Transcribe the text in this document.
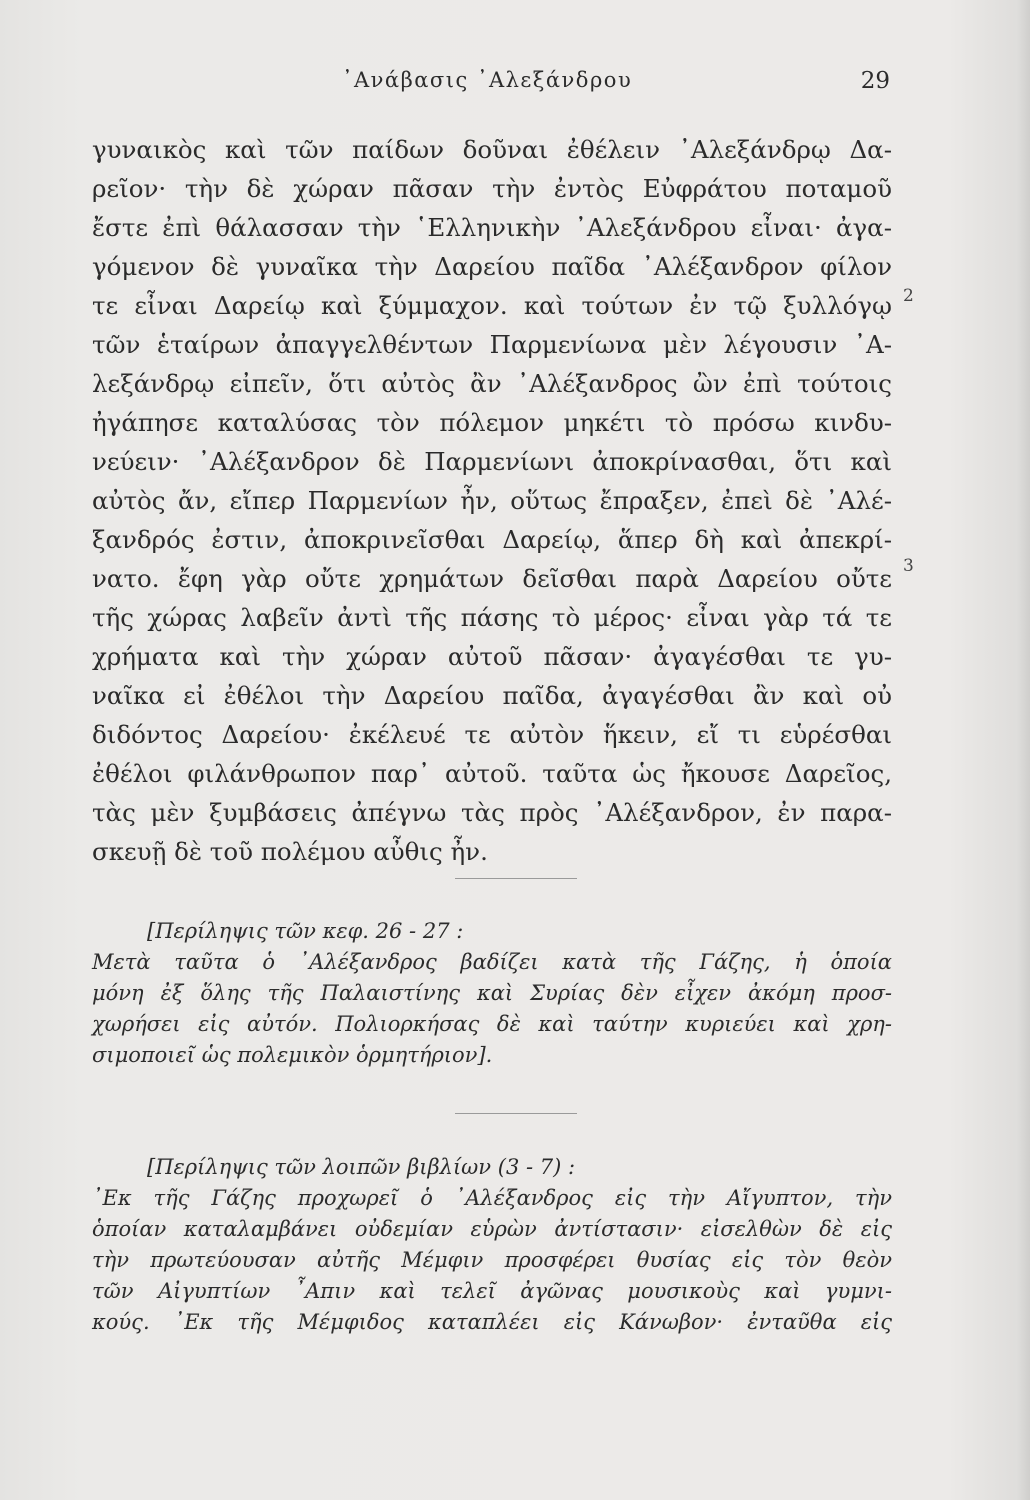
᾿Ανάβασις ᾿Αλεξάνδρου	29
γυναικὸς καὶ τῶν παίδων δοῦναι ἐθέλειν ᾿Αλεξάνδρῳ Δα-
ρεῖον· τὴν δὲ χώραν πᾶσαν τὴν ἐντὸς Εὐφράτου ποταμοῦ
ἔστε ἐπὶ θάλασσαν τὴν ῾Ελληνικὴν ᾿Αλεξάνδρου εἶναι· ἀγα-
γόμενον δὲ γυναῖκα τὴν Δαρείου παῖδα ᾿Αλέξανδρον φίλον
τε εἶναι Δαρείῳ καὶ ξύμμαχον. καὶ τούτων ἐν τῷ ξυλλόγῳ
τῶν ἑταίρων ἀπαγγελθέντων Παρμενίωνα μὲν λέγουσιν ᾿Α-
λεξάνδρῳ εἰπεῖν, ὅτι αὐτὸς ἂν ᾿Αλέξανδρος ὢν ἐπὶ τούτοις
ἠγάπησε καταλύσας τὸν πόλεμον μηκέτι τὸ πρόσω κινδυ-
νεύειν· ᾿Αλέξανδρον δὲ Παρμενίωνι ἀποκρίνασθαι, ὅτι καὶ
αὐτὸς ἄν, εἴπερ Παρμενίων ἦν, οὕτως ἔπραξεν, ἐπεὶ δὲ ᾿Αλέ-
ξανδρός ἐστιν, ἀποκρινεῖσθαι Δαρείῳ, ἅπερ δὴ καὶ ἀπεκρί-
νατο. ἔφη γὰρ οὔτε χρημάτων δεῖσθαι παρὰ Δαρείου οὔτε
τῆς χώρας λαβεῖν ἀντὶ τῆς πάσης τὸ μέρος· εἶναι γὰρ τά τε
χρήματα καὶ τὴν χώραν αὐτοῦ πᾶσαν· ἀγαγέσθαι τε γυ-
ναῖκα εἰ ἐθέλοι τὴν Δαρείου παῖδα, ἀγαγέσθαι ἂν καὶ οὐ
διδόντος Δαρείου· ἐκέλευέ τε αὐτὸν ἥκειν, εἴ τι εὑρέσθαι
ἐθέλοι φιλάνθρωπον παρ᾿ αὐτοῦ. ταῦτα ὡς ἤκουσε Δαρεῖος,
τὰς μὲν ξυμβάσεις ἀπέγνω τὰς πρὸς ᾿Αλέξανδρον, ἐν παρα-
σκευῇ δὲ τοῦ πολέμου αὖθις ἦν.
2
3
[Περίληψις τῶν κεφ. 26 - 27 :
Μετὰ ταῦτα ὁ ᾿Αλέξανδρος βαδίζει κατὰ τῆς Γάζης, ἡ ὁποία
μόνη ἐξ ὅλης τῆς Παλαιστίνης καὶ Συρίας δὲν εἶχεν ἀκόμη προσ-
χωρήσει εἰς αὐτόν. Πολιορκήσας δὲ καὶ ταύτην κυριεύει καὶ χρη-
σιμοποιεῖ ὡς πολεμικὸν ὁρμητήριον].
[Περίληψις τῶν λοιπῶν βιβλίων (3 - 7) :
᾿Εκ τῆς Γάζης προχωρεῖ ὁ ᾿Αλέξανδρος εἰς τὴν Αἴγυπτον, τὴν
ὁποίαν καταλαμβάνει οὐδεμίαν εὑρὼν ἀντίστασιν· εἰσελθὼν δὲ εἰς
τὴν πρωτεύουσαν αὐτῆς Μέμφιν προσφέρει θυσίας εἰς τὸν θεὸν
τῶν Αἰγυπτίων ῏Απιν καὶ τελεῖ ἀγῶνας μουσικοὺς καὶ γυμνι-
κούς. ᾿Εκ τῆς Μέμφιδος καταπλέει εἰς Κάνωβον· ἐνταῦθα εἰς
